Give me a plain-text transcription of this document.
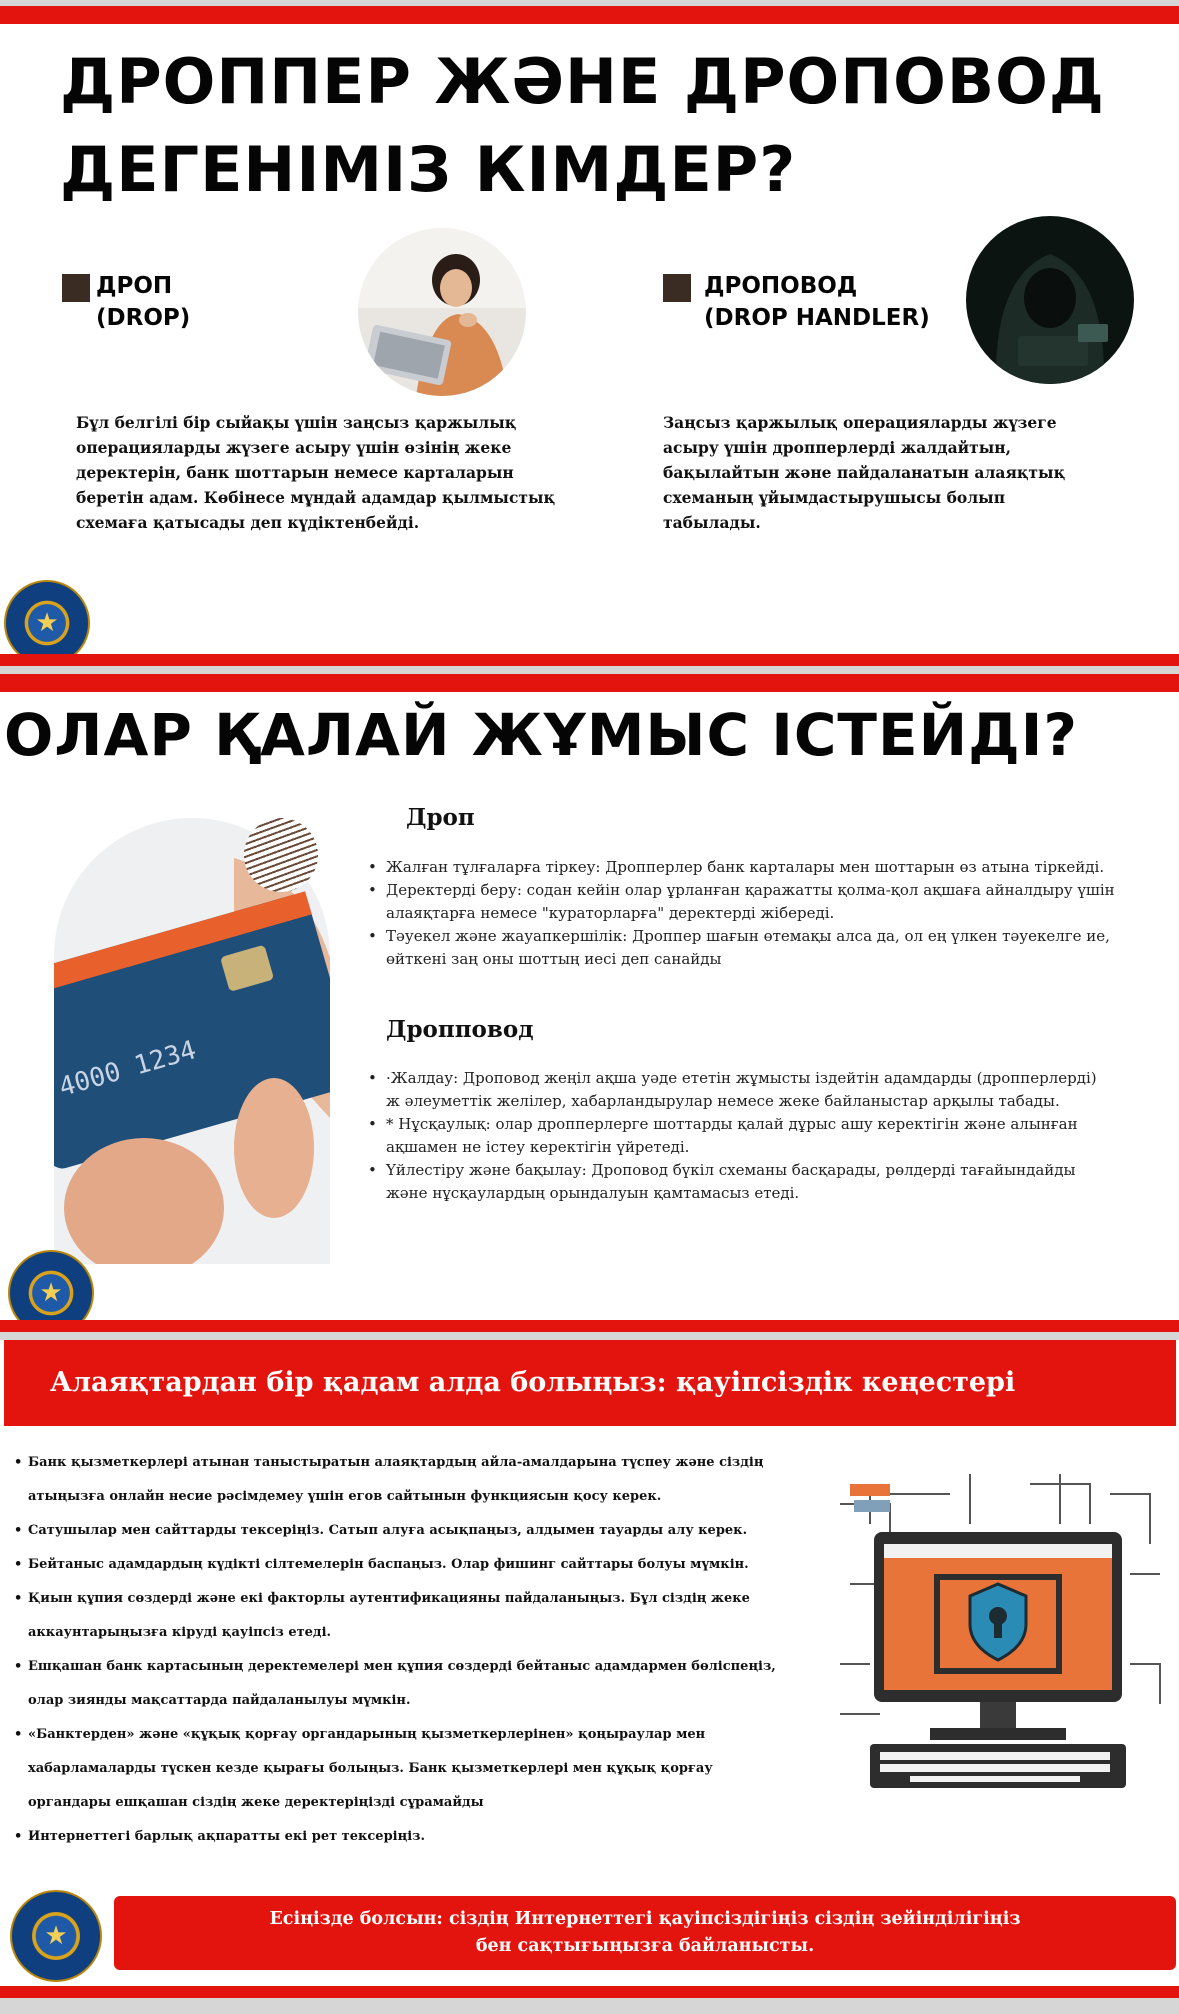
ДРОППЕР ЖӘНЕ ДРОПОВОД
ДЕГЕНІМІЗ КІМДЕР?
ДРОП
(DROP)
Бұл белгілі бір сыйақы үшін заңсыз қаржылық операцияларды жүзеге асыру үшін өзінің жеке деректерін, банк шоттарын немесе карталарын беретін адам. Көбінесе мұндай адамдар қылмыстық схемаға қатысады деп күдіктенбейді.
ДРОПОВОД
(DROP HANDLER)
Заңсыз қаржылық операцияларды жүзеге асыру үшін дропперлерді жалдайтын, бақылайтын және пайдаланатын алаяқтық схеманың ұйымдастырушысы болып табылады.
★
ОЛАР ҚАЛАЙ ЖҰМЫС ІСТЕЙДІ?
4000 1234
Дроп
• Жалған тұлғаларға тіркеу: Дропперлер банк карталары мен шоттарын өз атына тіркейді.
• Деректерді беру: содан кейін олар ұрланған қаражатты қолма-қол ақшаға айналдыру үшін алаяқтарға немесе "кураторларға" деректерді жібереді.
• Тәуекел және жауапкершілік: Дроппер шағын өтемақы алса да, ол ең үлкен тәуекелге ие, өйткені заң оны шоттың иесі деп санайды
Дропповод
• ·Жалдау: Дроповод жеңіл ақша уәде ететін жұмысты іздейтін адамдарды (дропперлерді) ж әлеуметтік желілер, хабарландырулар немесе жеке байланыстар арқылы табады.
• * Нұсқаулық: олар дропперлерге шоттарды қалай дұрыс ашу керектігін және алынған ақшамен не істеу керектігін үйретеді.
• Үйлестіру және бақылау: Дроповод бүкіл схеманы басқарады, рөлдерді тағайындайды және нұсқаулардың орындалуын қамтамасыз етеді.
★
Алаяқтардан бір қадам алда болыңыз: қауіпсіздік кеңестері
• Банк қызметкерлері атынан таныстыратын алаяқтардың айла-амалдарына түспеу және сіздің атыңызға онлайн несие рәсімдемеу үшін егов сайтынын функциясын қосу керек.
• Сатушылар мен сайттарды тексеріңіз. Сатып алуға асықпаңыз, алдымен тауарды алу керек.
• Бейтаныс адамдардың күдікті сілтемелерін баспаңыз. Олар фишинг сайттары болуы мүмкін.
• Қиын құпия сөздерді және екі факторлы аутентификацияны пайдаланыңыз. Бұл сіздің жеке аккаунтарыңызға кіруді қауіпсіз етеді.
• Ешқашан банк картасының деректемелері мен құпия сөздерді бейтаныс адамдармен бөліспеңіз, олар зиянды мақсаттарда пайдаланылуы мүмкін.
• «Банктерден» және «құқық қорғау органдарының қызметкерлерінен» қоңыраулар мен хабарламаларды түскен кезде қырағы болыңыз. Банк қызметкерлері мен құқық қорғау органдары ешқашан сіздің жеке деректеріңізді сұрамайды
• Интернеттегі барлық ақпаратты екі рет тексеріңіз.
★
Есіңізде болсын: сіздің Интернеттегі қауіпсіздігіңіз сіздің зейінділігіңіз
бен сақтығыңызға байланысты.
